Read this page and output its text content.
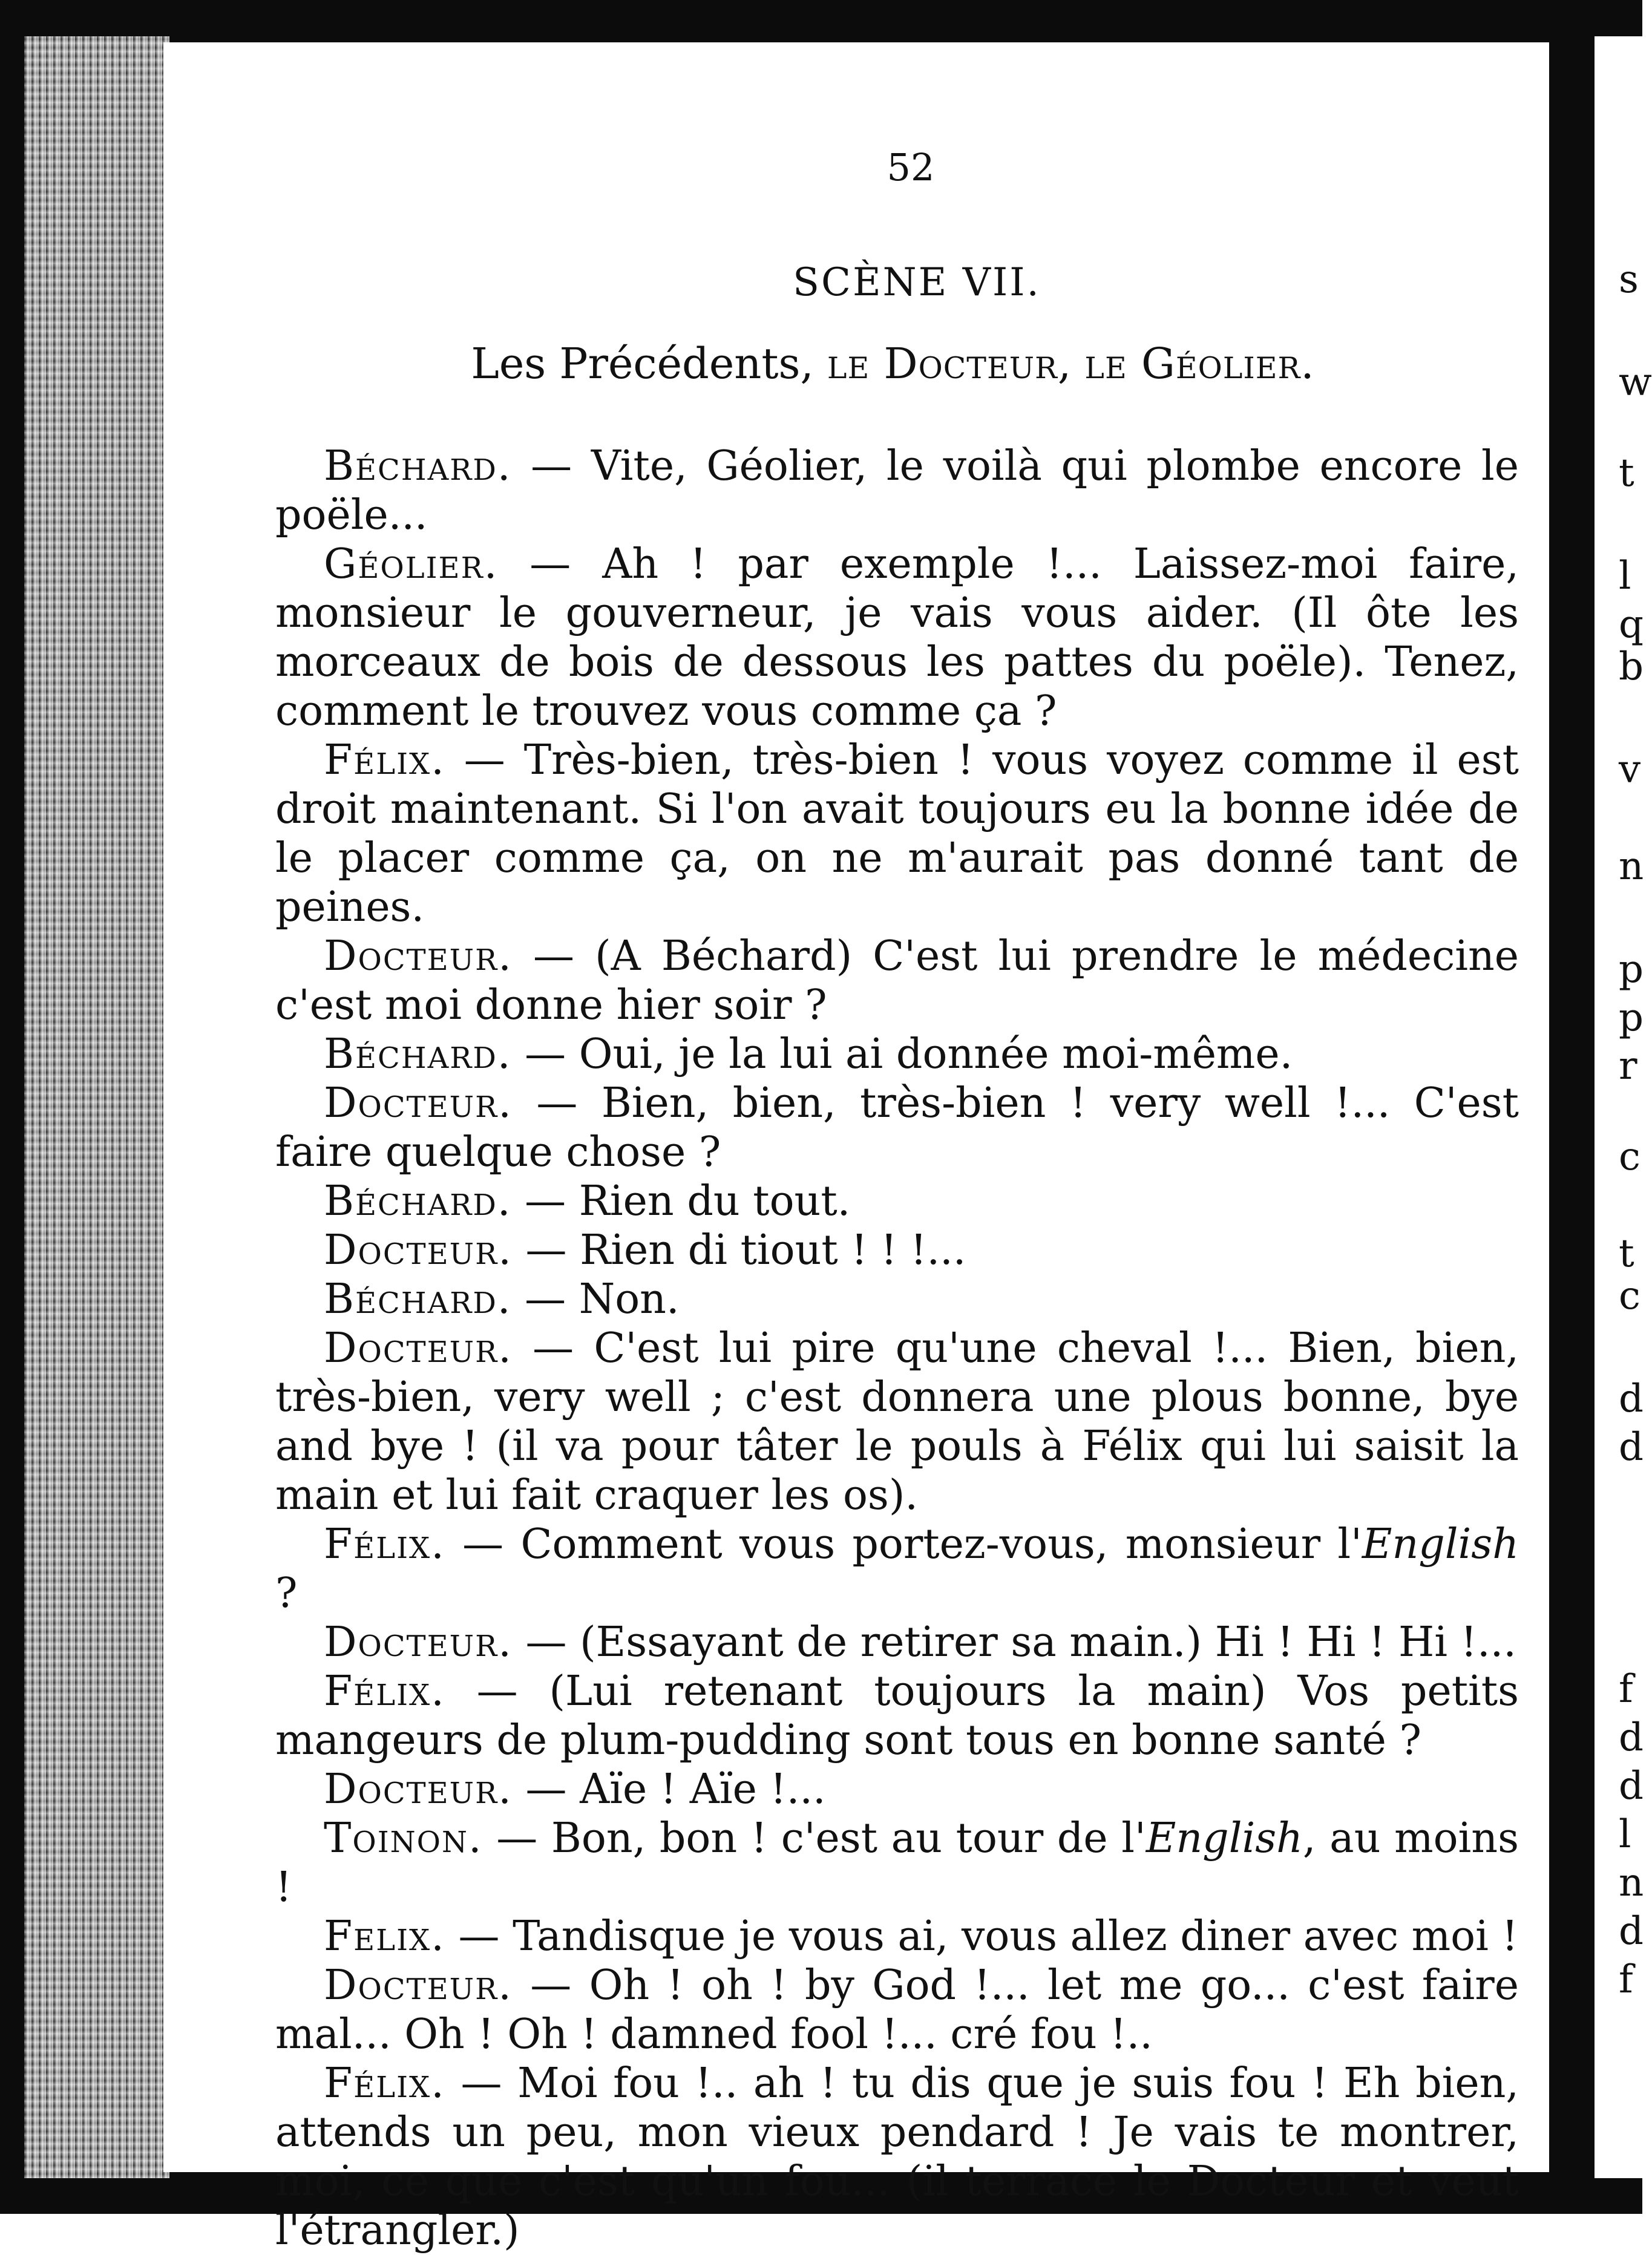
s
w
t
l
q
b
v
n
p
p
r
c
t
c
d
d
f
d
d
l
n
d
f
52
SCÈNE VII.
Les Précédents, le Docteur, le Géolier.

Béchard. — Vite, Géolier, le voilà qui plombe encore le poële...

Géolier. — Ah ! par exemple !... Laissez-moi faire, monsieur le gouverneur, je vais vous aider. (Il ôte les morceaux de bois de dessous les pattes du poële). Tenez, comment le trouvez vous comme ça ?

Félix. — Très-bien, très-bien ! vous voyez comme il est droit maintenant. Si l'on avait toujours eu la bonne idée de le placer comme ça, on ne m'aurait pas donné tant de peines.

Docteur. — (A Béchard) C'est lui prendre le médecine c'est moi donne hier soir ?

Béchard. — Oui, je la lui ai donnée moi-même.

Docteur. — Bien, bien, très-bien ! very well !... C'est faire quelque chose ?

Béchard. — Rien du tout.

Docteur. — Rien di tiout ! ! !...

Béchard. — Non.

Docteur. — C'est lui pire qu'une cheval !... Bien, bien, très-bien, very well ; c'est donnera une plous bonne, bye and bye ! (il va pour tâter le pouls à Félix qui lui saisit la main et lui fait craquer les os).

Félix. — Comment vous portez-vous, monsieur l'English ?

Docteur. — (Essayant de retirer sa main.) Hi ! Hi ! Hi !...

Félix. — (Lui retenant toujours la main) Vos petits mangeurs de plum-pudding sont tous en bonne santé ?

Docteur. — Aïe ! Aïe !...

Toinon. — Bon, bon ! c'est au tour de l'English, au moins !

Felix. — Tandisque je vous ai, vous allez diner avec moi !

Docteur. — Oh ! oh ! by God !... let me go... c'est faire mal... Oh ! Oh ! damned fool !... cré fou !..

Félix. — Moi fou !.. ah ! tu dis que je suis fou ! Eh bien, attends un peu, mon vieux pendard ! Je vais te montrer, moi, ce que c'est qu'un fou... (il terrace le Docteur et veut l'étrangler.)
